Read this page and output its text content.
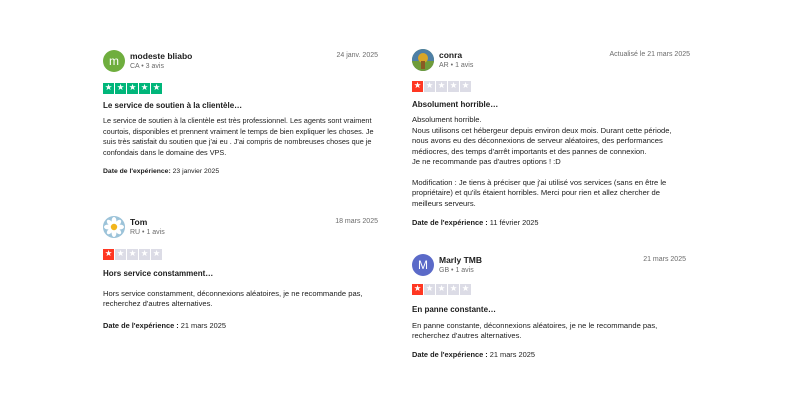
m	modeste bliabo
CA • 3 avis
24 janv. 2025
★ ★ ★ ★ ★
Le service de soutien à la clientèle…

Le service de soutien à la clientèle est très professionnel. Les agents sont vraiment courtois, disponibles et prennent vraiment le temps de bien expliquer les choses. Je suis très satisfait du soutien que j'ai eu . J'ai compris de nombreuses choses que je confondais dans le domaine des VPS.

Date de l'expérience: 23 janvier 2025
Tom
RU • 1 avis
18 mars 2025
★ ★ ★ ★ ★
Hors service constamment…

Hors service constamment, déconnexions aléatoires, je ne recommande pas, recherchez d'autres alternatives.

Date de l'expérience : 21 mars 2025
conra
AR • 1 avis
Actualisé le 21 mars 2025
★ ★ ★ ★ ★
Absolument horrible…

Absolument horrible.

Nous utilisons cet hébergeur depuis environ deux mois. Durant cette période, nous avons eu des déconnexions de serveur aléatoires, des performances médiocres, des temps d'arrêt importants et des pannes de connexion.

Je ne recommande pas d'autres options ! :D

Modification : Je tiens à préciser que j'ai utilisé vos services (sans en être le propriétaire) et qu'ils étaient horribles. Merci pour rien et allez chercher de meilleurs serveurs.

Date de l'expérience : 11 février 2025
M	Marly TMB
GB • 1 avis
21 mars 2025
★ ★ ★ ★ ★
En panne constante…

En panne constante, déconnexions aléatoires, je ne le recommande pas, recherchez d'autres alternatives.

Date de l'expérience : 21 mars 2025
